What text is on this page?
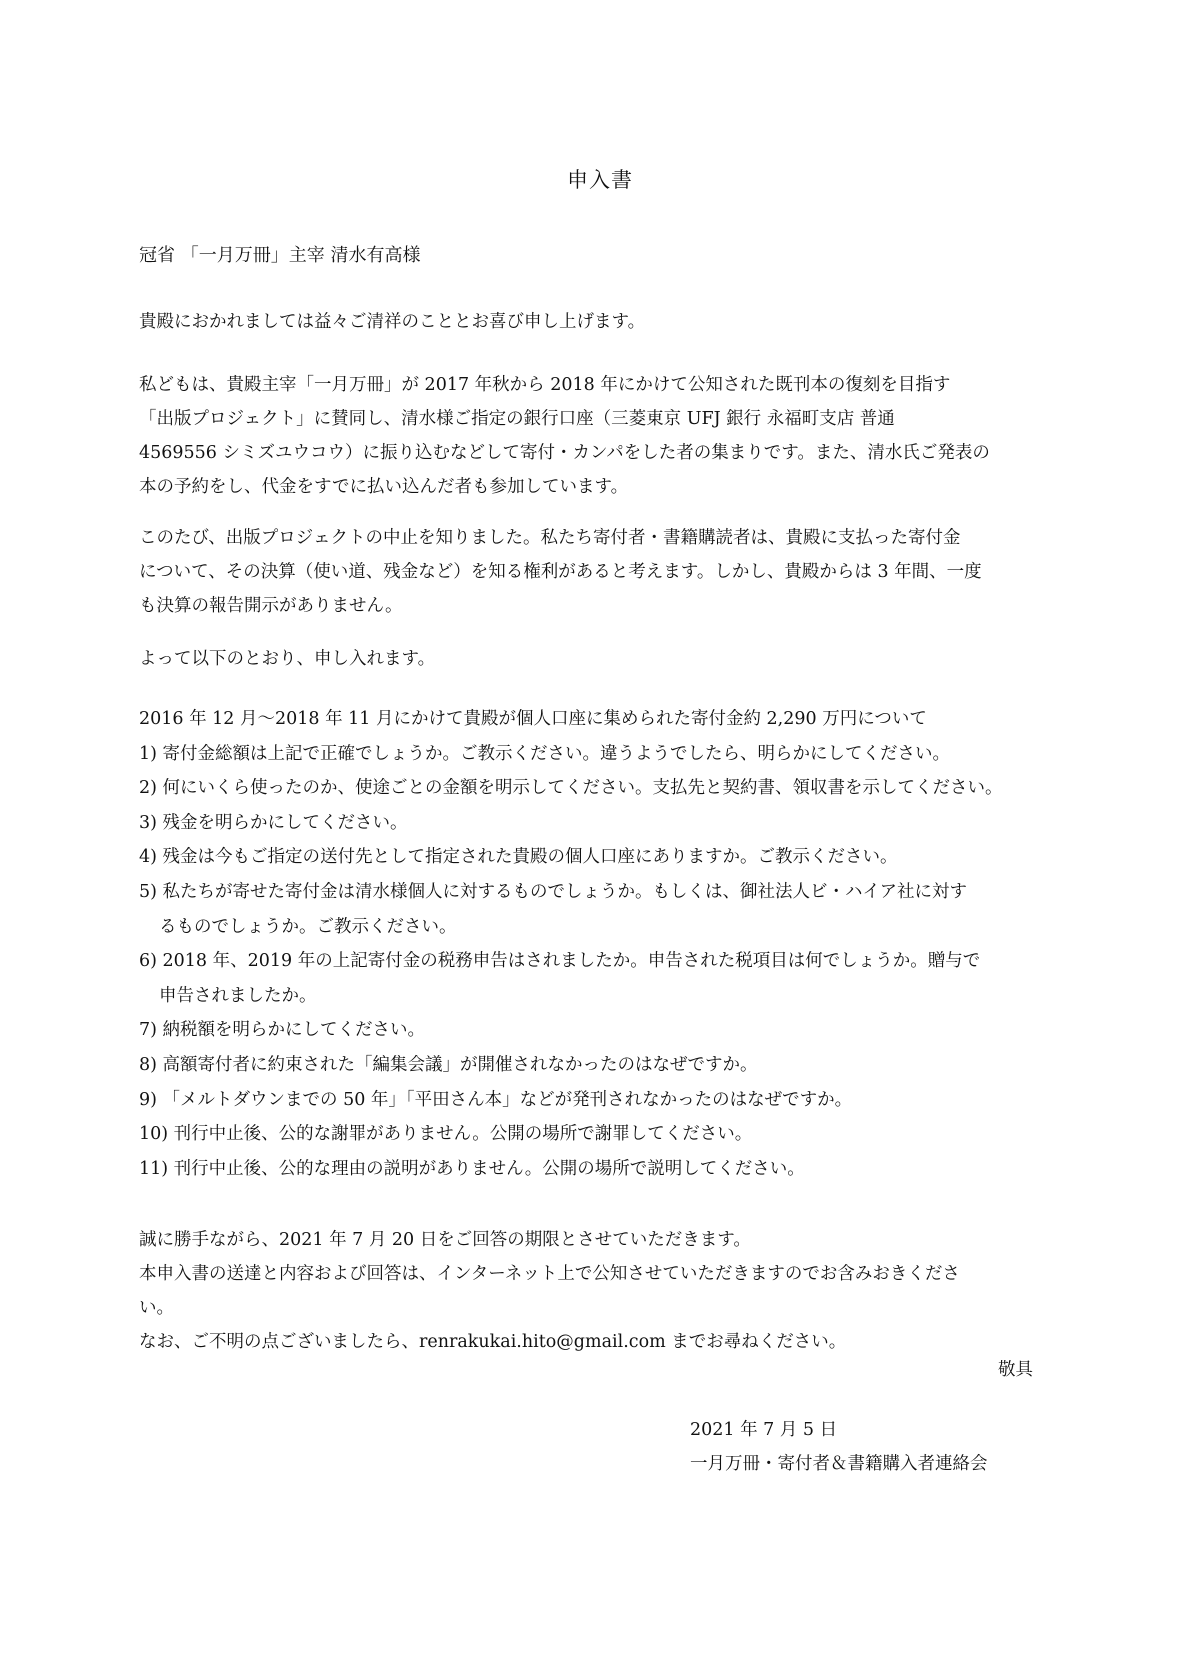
申入書
冠省 「一月万冊」主宰 清水有高様
貴殿におかれましては益々ご清祥のこととお喜び申し上げます。
私どもは、貴殿主宰「一月万冊」が 2017 年秋から 2018 年にかけて公知された既刊本の復刻を目指す
「出版プロジェクト」に賛同し、清水様ご指定の銀行口座（三菱東京 UFJ 銀行 永福町支店 普通
4569556 シミズユウコウ）に振り込むなどして寄付・カンパをした者の集まりです。また、清水氏ご発表の
本の予約をし、代金をすでに払い込んだ者も参加しています。
このたび、出版プロジェクトの中止を知りました。私たち寄付者・書籍購読者は、貴殿に支払った寄付金
について、その決算（使い道、残金など）を知る権利があると考えます。しかし、貴殿からは 3 年間、一度
も決算の報告開示がありません。
よって以下のとおり、申し入れます。
2016 年 12 月～2018 年 11 月にかけて貴殿が個人口座に集められた寄付金約 2,290 万円について
1) 寄付金総額は上記で正確でしょうか。ご教示ください。違うようでしたら、明らかにしてください。
2) 何にいくら使ったのか、使途ごとの金額を明示してください。支払先と契約書、領収書を示してください。
3) 残金を明らかにしてください。
4) 残金は今もご指定の送付先として指定された貴殿の個人口座にありますか。ご教示ください。
5) 私たちが寄せた寄付金は清水様個人に対するものでしょうか。もしくは、御社法人ビ・ハイア社に対す
るものでしょうか。ご教示ください。
6) 2018 年、2019 年の上記寄付金の税務申告はされましたか。申告された税項目は何でしょうか。贈与で
申告されましたか。
7) 納税額を明らかにしてください。
8) 高額寄付者に約束された「編集会議」が開催されなかったのはなぜですか。
9) 「メルトダウンまでの 50 年」「平田さん本」などが発刊されなかったのはなぜですか。
10) 刊行中止後、公的な謝罪がありません。公開の場所で謝罪してください。
11) 刊行中止後、公的な理由の説明がありません。公開の場所で説明してください。
誠に勝手ながら、2021 年 7 月 20 日をご回答の期限とさせていただきます。
本申入書の送達と内容および回答は、インターネット上で公知させていただきますのでお含みおきくださ
い。
なお、ご不明の点ございましたら、renrakukai.hito@gmail.com までお尋ねください。
敬具
2021 年 7 月 5 日
一月万冊・寄付者＆書籍購入者連絡会
